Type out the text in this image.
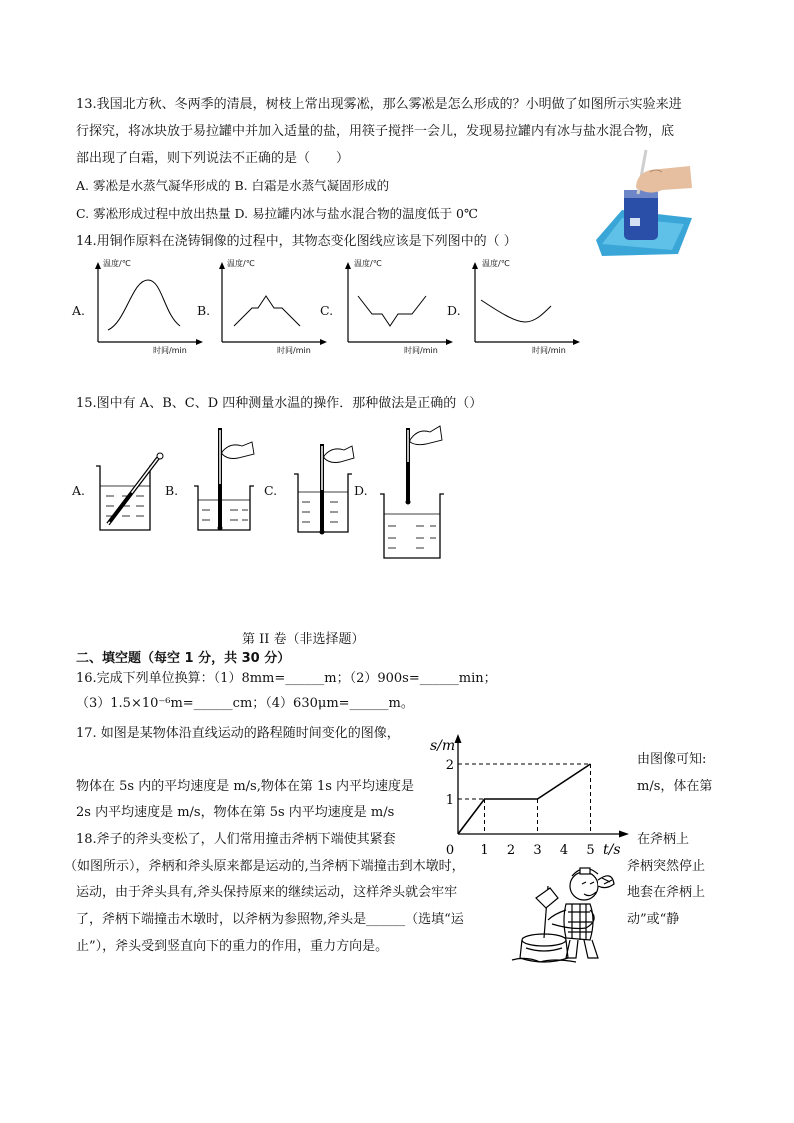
13.我国北方秋、冬两季的清晨，树枝上常出现雾凇，那么雾凇是怎么形成的？小明做了如图所示实验来进
行探究，将冰块放于易拉罐中并加入适量的盐，用筷子搅拌一会儿，发现易拉罐内有冰与盐水混合物，底
部出现了白霜，则下列说法不正确的是（　　）
A. 雾凇是水蒸气凝华形成的 B. 白霜是水蒸气凝固形成的
C. 雾凇形成过程中放出热量 D. 易拉罐内冰与盐水混合物的温度低于 0℃
14.用铜作原料在浇铸铜像的过程中，其物态变化图线应该是下列图中的（ ）
A.	B.	C.	D.
温度/℃
时间/min
温度/℃
时间/min
温度/℃
时间/min
温度/℃
时间/min
15.图中有 A、B、C、D 四种测量水温的操作．那种做法是正确的（）
A.	B.	C.	D.
第 II 卷（非选择题）
二、填空题（每空 1 分，共 30 分）
16.完成下列单位换算：（1）8mm=______m；（2）900s=______min；
（3）1.5×10⁻⁶m=______cm；（4）630μm=______m。
17. 如图是某物体沿直线运动的路程随时间变化的图像，
由图像可知:
物体在 5s 内的平均速度是 m/s,物体在第 1s 内平均速度是	m/s，体在第
2s 内平均速度是 m/s，物体在第 5s 内平均速度是 m/s
s/m
t/s
0 1 2 3 4 5
1
2
18.斧子的斧头变松了，人们常用撞击斧柄下端使其紧套	在斧柄上
（如图所示），斧柄和斧头原来都是运动的,当斧柄下端撞击到木墩时，	斧柄突然停止
运动，由于斧头具有,斧头保持原来的继续运动，这样斧头就会牢牢	地套在斧柄上
了，斧柄下端撞击木墩时，以斧柄为参照物,斧头是______（选填“运	动”或“静
止”），斧头受到竖直向下的重力的作用，重力方向是。
